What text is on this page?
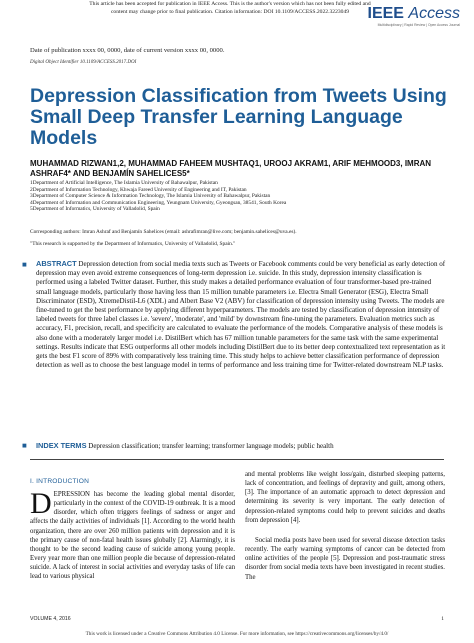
This article has been accepted for publication in IEEE Access. This is the author's version which has not been fully edited and
content may change prior to final publication. Citation information: DOI 10.1109/ACCESS.2022.3223049	IEEE Access
Multidisciplinary | Rapid Review | Open Access Journal
Date of publication xxxx 00, 0000, date of current version xxxx 00, 0000.
Digital Object Identifier 10.1109/ACCESS.2017.DOI
Depression Classification from Tweets Using Small Deep Transfer Learning Language Models
MUHAMMAD RIZWAN1,2, MUHAMMAD FAHEEM MUSHTAQ1, UROOJ AKRAM1, ARIF MEHMOOD3, IMRAN ASHRAF4* AND BENJAMÍN SAHELICES5*
1Department of Artificial Intelligence, The Islamia University of Bahawalpur, Pakistan
2Department of Information Technology, Khwaja Fareed University of Engineering and IT, Pakistan
3Department of Computer Science & Information Technology, The Islamia University of Bahawalpur, Pakistan
4Department of Information and Communication Engineering, Yeungnam University, Gyeongsan, 38541, South Korea
5Department of Informatics, University of Valladolid, Spain
Corresponding authors: Imran Ashraf and Benjamín Sahelices (email: ashrafimran@live.com; benjamin.sahelices@uva.es).
"This research is supported by the Department of Informatics, University of Valladolid, Spain."
■ ABSTRACT Depression detection from social media texts such as Tweets or Facebook comments could be very beneficial as early detection of depression may even avoid extreme consequences of long-term depression i.e. suicide. In this study, depression intensity classification is performed using a labeled Twitter dataset. Further, this study makes a detailed performance evaluation of four transformer-based pre-trained small language models, particularly those having less than 15 million tunable parameters i.e. Electra Small Generator (ESG), Electra Small Discriminator (ESD), XtremeDistil-L6 (XDL) and Albert Base V2 (ABV) for classification of depression intensity using Tweets. The models are fine-tuned to get the best performance by applying different hyperparameters. The models are tested by classification of depression intensity of labeled tweets for three label classes i.e. 'severe', 'moderate', and 'mild' by downstream fine-tuning the parameters. Evaluation metrics such as accuracy, F1, precision, recall, and specificity are calculated to evaluate the performance of the models. Comparative analysis of these models is also done with a moderately larger model i.e. DistilBert which has 67 million tunable parameters for the same task with the same experimental settings. Results indicate that ESG outperforms all other models including DistilBert due to its better deep contextualized text representation as it gets the best F1 score of 89% with comparatively less training time. This study helps to achieve better classification performance of depression detection as well as to choose the best language model in terms of performance and less training time for Twitter-related downstream NLP tasks.
■ INDEX TERMS Depression classification; transfer learning; transformer language models; public health
I. INTRODUCTION
DEPRESSION has become the leading global mental disorder, particularly in the context of the COVID-19 outbreak. It is a mood disorder, which often triggers feelings of sadness or anger and affects the daily activities of individuals [1]. According to the world health organization, there are over 260 million patients with depression and it is the primary cause of non-fatal health issues globally [2]. Alarmingly, it is thought to be the second leading cause of suicide among young people. Every year more than one million people die because of depression-related suicide. A lack of interest in social activities and everyday tasks of life can lead to various physical
and mental problems like weight loss/gain, disturbed sleeping patterns, lack of concentration, and feelings of depravity and guilt, among others, [3]. The importance of an automatic approach to detect depression and determining its severity is very important. The early detection of depression-related symptoms could help to prevent suicides and deaths from depression [4].
Social media posts have been used for several disease detection tasks recently. The early warning symptoms of cancer can be detected from online activities of the people [5]. Depression and post-traumatic stress disorder from social media texts have been investigated in recent studies. The
VOLUME 4, 2016	1
This work is licensed under a Creative Commons Attribution 4.0 License. For more information, see https://creativecommons.org/licenses/by/4.0/
